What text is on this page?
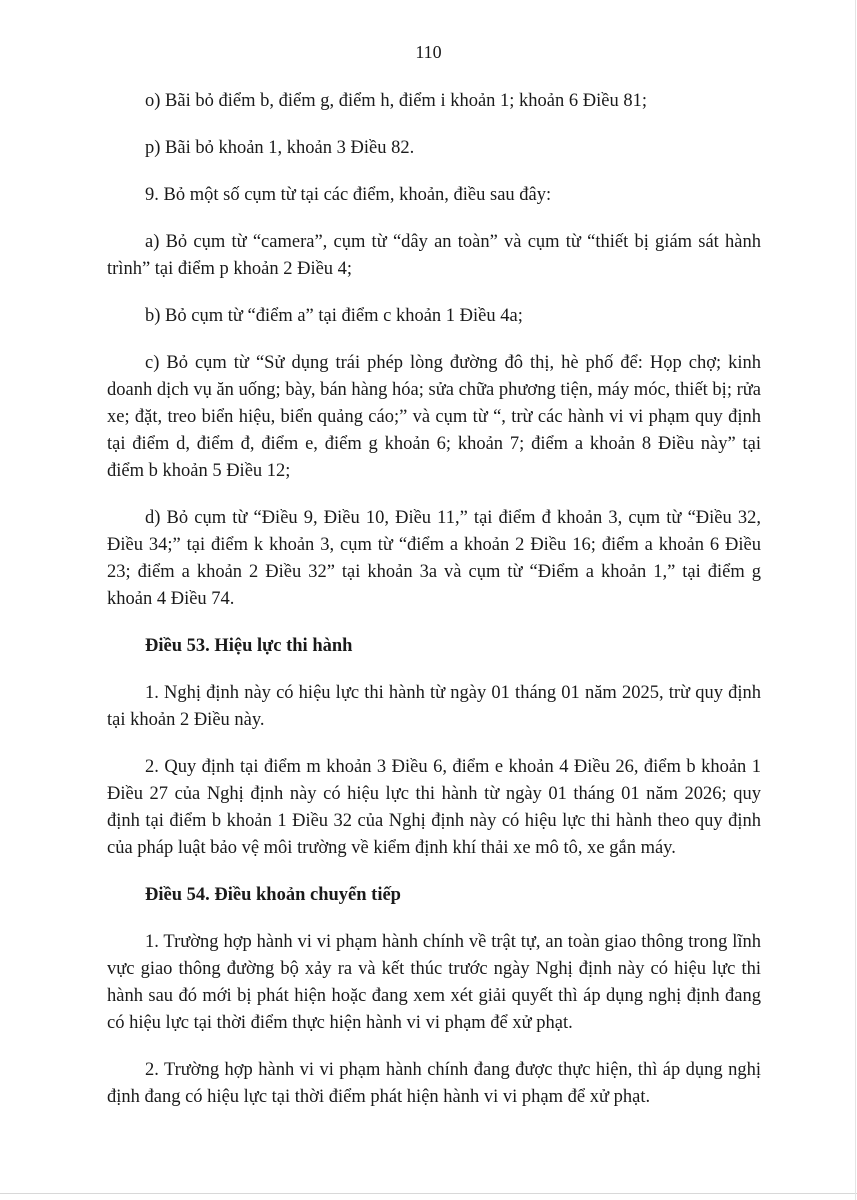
110

o) Bãi bỏ điểm b, điểm g, điểm h, điểm i khoản 1; khoản 6 Điều 81;

p) Bãi bỏ khoản 1, khoản 3 Điều 82.

9. Bỏ một số cụm từ tại các điểm, khoản, điều sau đây:

a) Bỏ cụm từ “camera”, cụm từ “dây an toàn” và cụm từ “thiết bị giám sát hành trình” tại điểm p khoản 2 Điều 4;

b) Bỏ cụm từ “điểm a” tại điểm c khoản 1 Điều 4a;

c) Bỏ cụm từ “Sử dụng trái phép lòng đường đô thị, hè phố để: Họp chợ; kinh doanh dịch vụ ăn uống; bày, bán hàng hóa; sửa chữa phương tiện, máy móc, thiết bị; rửa xe; đặt, treo biển hiệu, biển quảng cáo;” và cụm từ “, trừ các hành vi vi phạm quy định tại điểm d, điểm đ, điểm e, điểm g khoản 6; khoản 7; điểm a khoản 8 Điều này” tại điểm b khoản 5 Điều 12;

d) Bỏ cụm từ “Điều 9, Điều 10, Điều 11,” tại điểm đ khoản 3, cụm từ “Điều 32, Điều 34;” tại điểm k khoản 3, cụm từ “điểm a khoản 2 Điều 16; điểm a khoản 6 Điều 23; điểm a khoản 2 Điều 32” tại khoản 3a và cụm từ “Điểm a khoản 1,” tại điểm g khoản 4 Điều 74.

Điều 53. Hiệu lực thi hành

1. Nghị định này có hiệu lực thi hành từ ngày 01 tháng 01 năm 2025, trừ quy định tại khoản 2 Điều này.

2. Quy định tại điểm m khoản 3 Điều 6, điểm e khoản 4 Điều 26, điểm b khoản 1 Điều 27 của Nghị định này có hiệu lực thi hành từ ngày 01 tháng 01 năm 2026; quy định tại điểm b khoản 1 Điều 32 của Nghị định này có hiệu lực thi hành theo quy định của pháp luật bảo vệ môi trường về kiểm định khí thải xe mô tô, xe gắn máy.

Điều 54. Điều khoản chuyển tiếp

1. Trường hợp hành vi vi phạm hành chính về trật tự, an toàn giao thông trong lĩnh vực giao thông đường bộ xảy ra và kết thúc trước ngày Nghị định này có hiệu lực thi hành sau đó mới bị phát hiện hoặc đang xem xét giải quyết thì áp dụng nghị định đang có hiệu lực tại thời điểm thực hiện hành vi vi phạm để xử phạt.

2. Trường hợp hành vi vi phạm hành chính đang được thực hiện, thì áp dụng nghị định đang có hiệu lực tại thời điểm phát hiện hành vi vi phạm để xử phạt.
